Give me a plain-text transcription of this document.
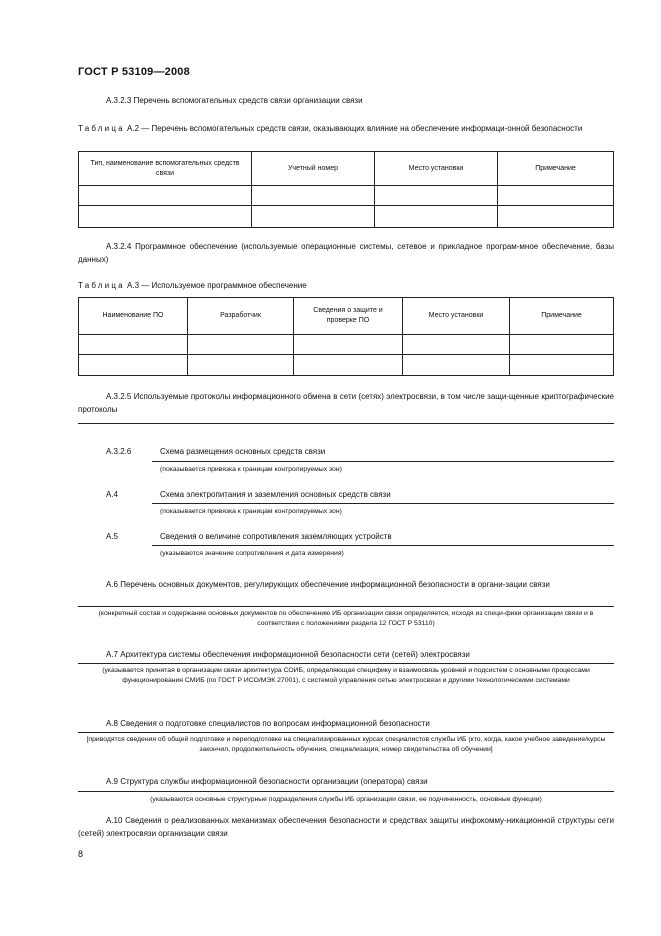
ГОСТ Р 53109—2008
А.3.2.3 Перечень вспомогательных средств связи организации связи
Таблица А.2 — Перечень вспомогательных средств связи, оказывающих влияние на обеспечение информаци-онной безопасности
Тип, наименование вспомогательных средств связи	Учетный номер	Место установки	Примечание

А.3.2.4 Программное обеспечение (используемые операционные системы, сетевое и прикладное програм-мное обеспечение, базы данных)
Таблица А.3 — Используемое программное обеспечение
Наименование ПО	Разработчик	Сведения о защите и проверке ПО	Место установки	Примечание

А.3.2.5 Используемые протоколы информационного обмена в сети (сетях) электросвязи, в том числе защи-щенные криптографические протоколы
А.3.2.6	Схема размещения основных средств связи
(показывается привязка к границам контролируемых зон)
А.4	Схема электропитания и заземления основных средств связи
(показывается привязка к границам контролируемых зон)
А.5	Сведения о величине сопротивления заземляющих устройств
(указываются значение сопротивления и дата измерения)
А.6 Перечень основных документов, регулирующих обеспечение информационной безопасности в органи-зации связи
(конкретный состав и содержание основных документов по обеспечению ИБ организации связи определяется, исходя из специ-фики организации связи и в соответствии с положениями раздела 12 ГОСТ Р 53110)
А.7 Архитектура системы обеспечения информационной безопасности сети (сетей) электросвязи
(указывается принятая в организации связи архитектура СОИБ, определяющая специфику и взаимосвязь уровней и подсистем с основными процессами функционирования СМИБ (по ГОСТ Р ИСО/МЭК 27001), с системой управления сетью электросвязи и другими технологическими системами
А.8 Сведения о подготовке специалистов по вопросам информационной безопасности
[приводятся сведения об общей подготовке и переподготовке на специализированных курсах специалистов службы ИБ (кто, когда, какое учебное заведение/курсы закончил, продолжительность обучения, специализация, номер свидетельства об обучении]
А.9 Структура службы информационной безопасности организации (оператора) связи
(указываются основные структурные подразделения службы ИБ организации связи, ее подчиненность, основные функции)
А.10 Сведения о реализованных механизмах обеспечения безопасности и средствах защиты инфокомму-никационной структуры сети (сетей) электросвязи организации связи
8
